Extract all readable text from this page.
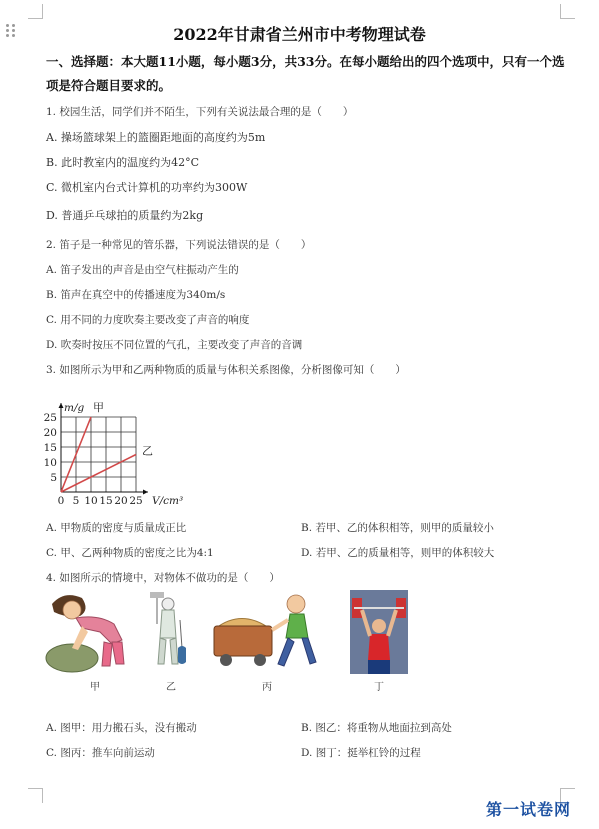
2022年甘肃省兰州市中考物理试卷
一、选择题：本大题11小题，每小题3分，共33分。在每小题给出的四个选项中，只有一个选项是符合题目要求的。
1. 校园生活，同学们并不陌生，下列有关说法最合理的是（　　）
A. 操场篮球架上的篮圈距地面的高度约为5m
B. 此时教室内的温度约为42°C
C. 微机室内台式计算机的功率约为300W
D. 普通乒乓球拍的质量约为2kg
2. 笛子是一种常见的管乐器，下列说法错误的是（　　）
A. 笛子发出的声音是由空气柱振动产生的
B. 笛声在真空中的传播速度为340m/s
C. 用不同的力度吹奏主要改变了声音的响度
D. 吹奏时按压不同位置的气孔，主要改变了声音的音调
3. 如图所示为甲和乙两种物质的质量与体积关系图像，分析图像可知（　　）
甲
乙
0 5 10 15 20 25
5
10
15
20
25
V/cm³
m/g
A. 甲物质的密度与质量成正比	B. 若甲、乙的体积相等，则甲的质量较小
C. 甲、乙两种物质的密度之比为4:1	D. 若甲、乙的质量相等，则甲的体积较大
4. 如图所示的情境中，对物体不做功的是（　　）
甲	乙	丙	丁
A. 图甲：用力搬石头，没有搬动	B. 图乙：将重物从地面拉到高处
C. 图丙：推车向前运动	D. 图丁：挺举杠铃的过程
第一试卷网
